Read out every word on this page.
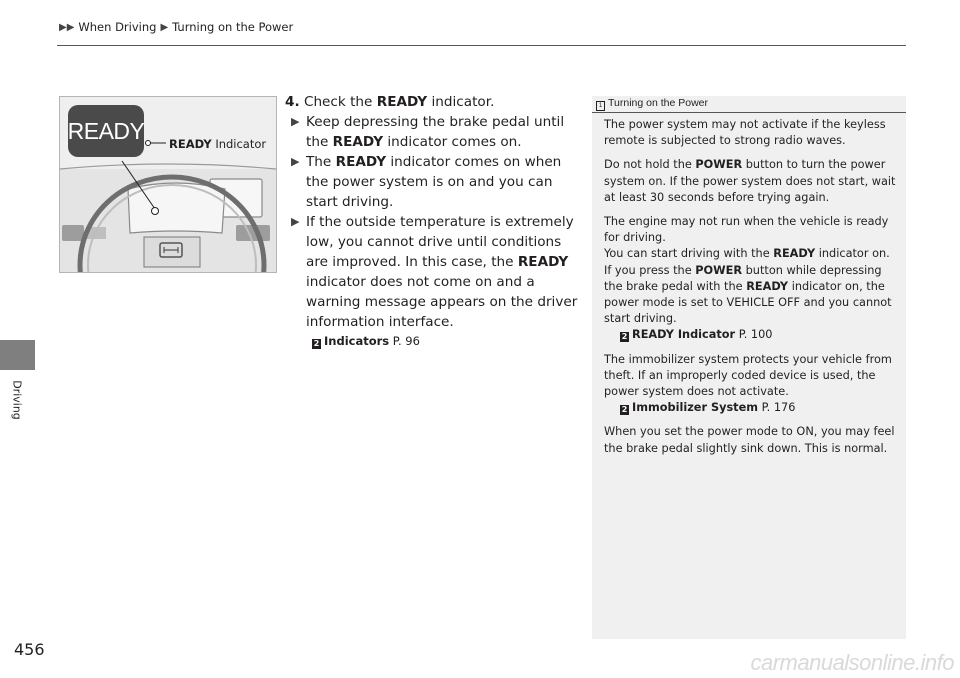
▶▶ When Driving ▶ Turning on the Power
Driving
READY
READY Indicator
4. Check the READY indicator.
▶ Keep depressing the brake pedal until the READY indicator comes on.
▶ The READY indicator comes on when the power system is on and you can start driving.
▶ If the outside temperature is extremely low, you cannot drive until conditions are improved. In this case, the READY indicator does not come on and a warning message appears on the driver information interface.
2 Indicators P. 96
1 Turning on the Power

The power system may not activate if the keyless remote is subjected to strong radio waves.

Do not hold the POWER button to turn the power system on. If the power system does not start, wait at least 30 seconds before trying again.

The engine may not run when the vehicle is ready for driving.
You can start driving with the READY indicator on.
If you press the POWER button while depressing the brake pedal with the READY indicator on, the power mode is set to VEHICLE OFF and you cannot start driving.
2 READY Indicator P. 100

The immobilizer system protects your vehicle from theft. If an improperly coded device is used, the power system does not activate.
2 Immobilizer System P. 176

When you set the power mode to ON, you may feel the brake pedal slightly sink down. This is normal.

456
carmanualsonline.info
